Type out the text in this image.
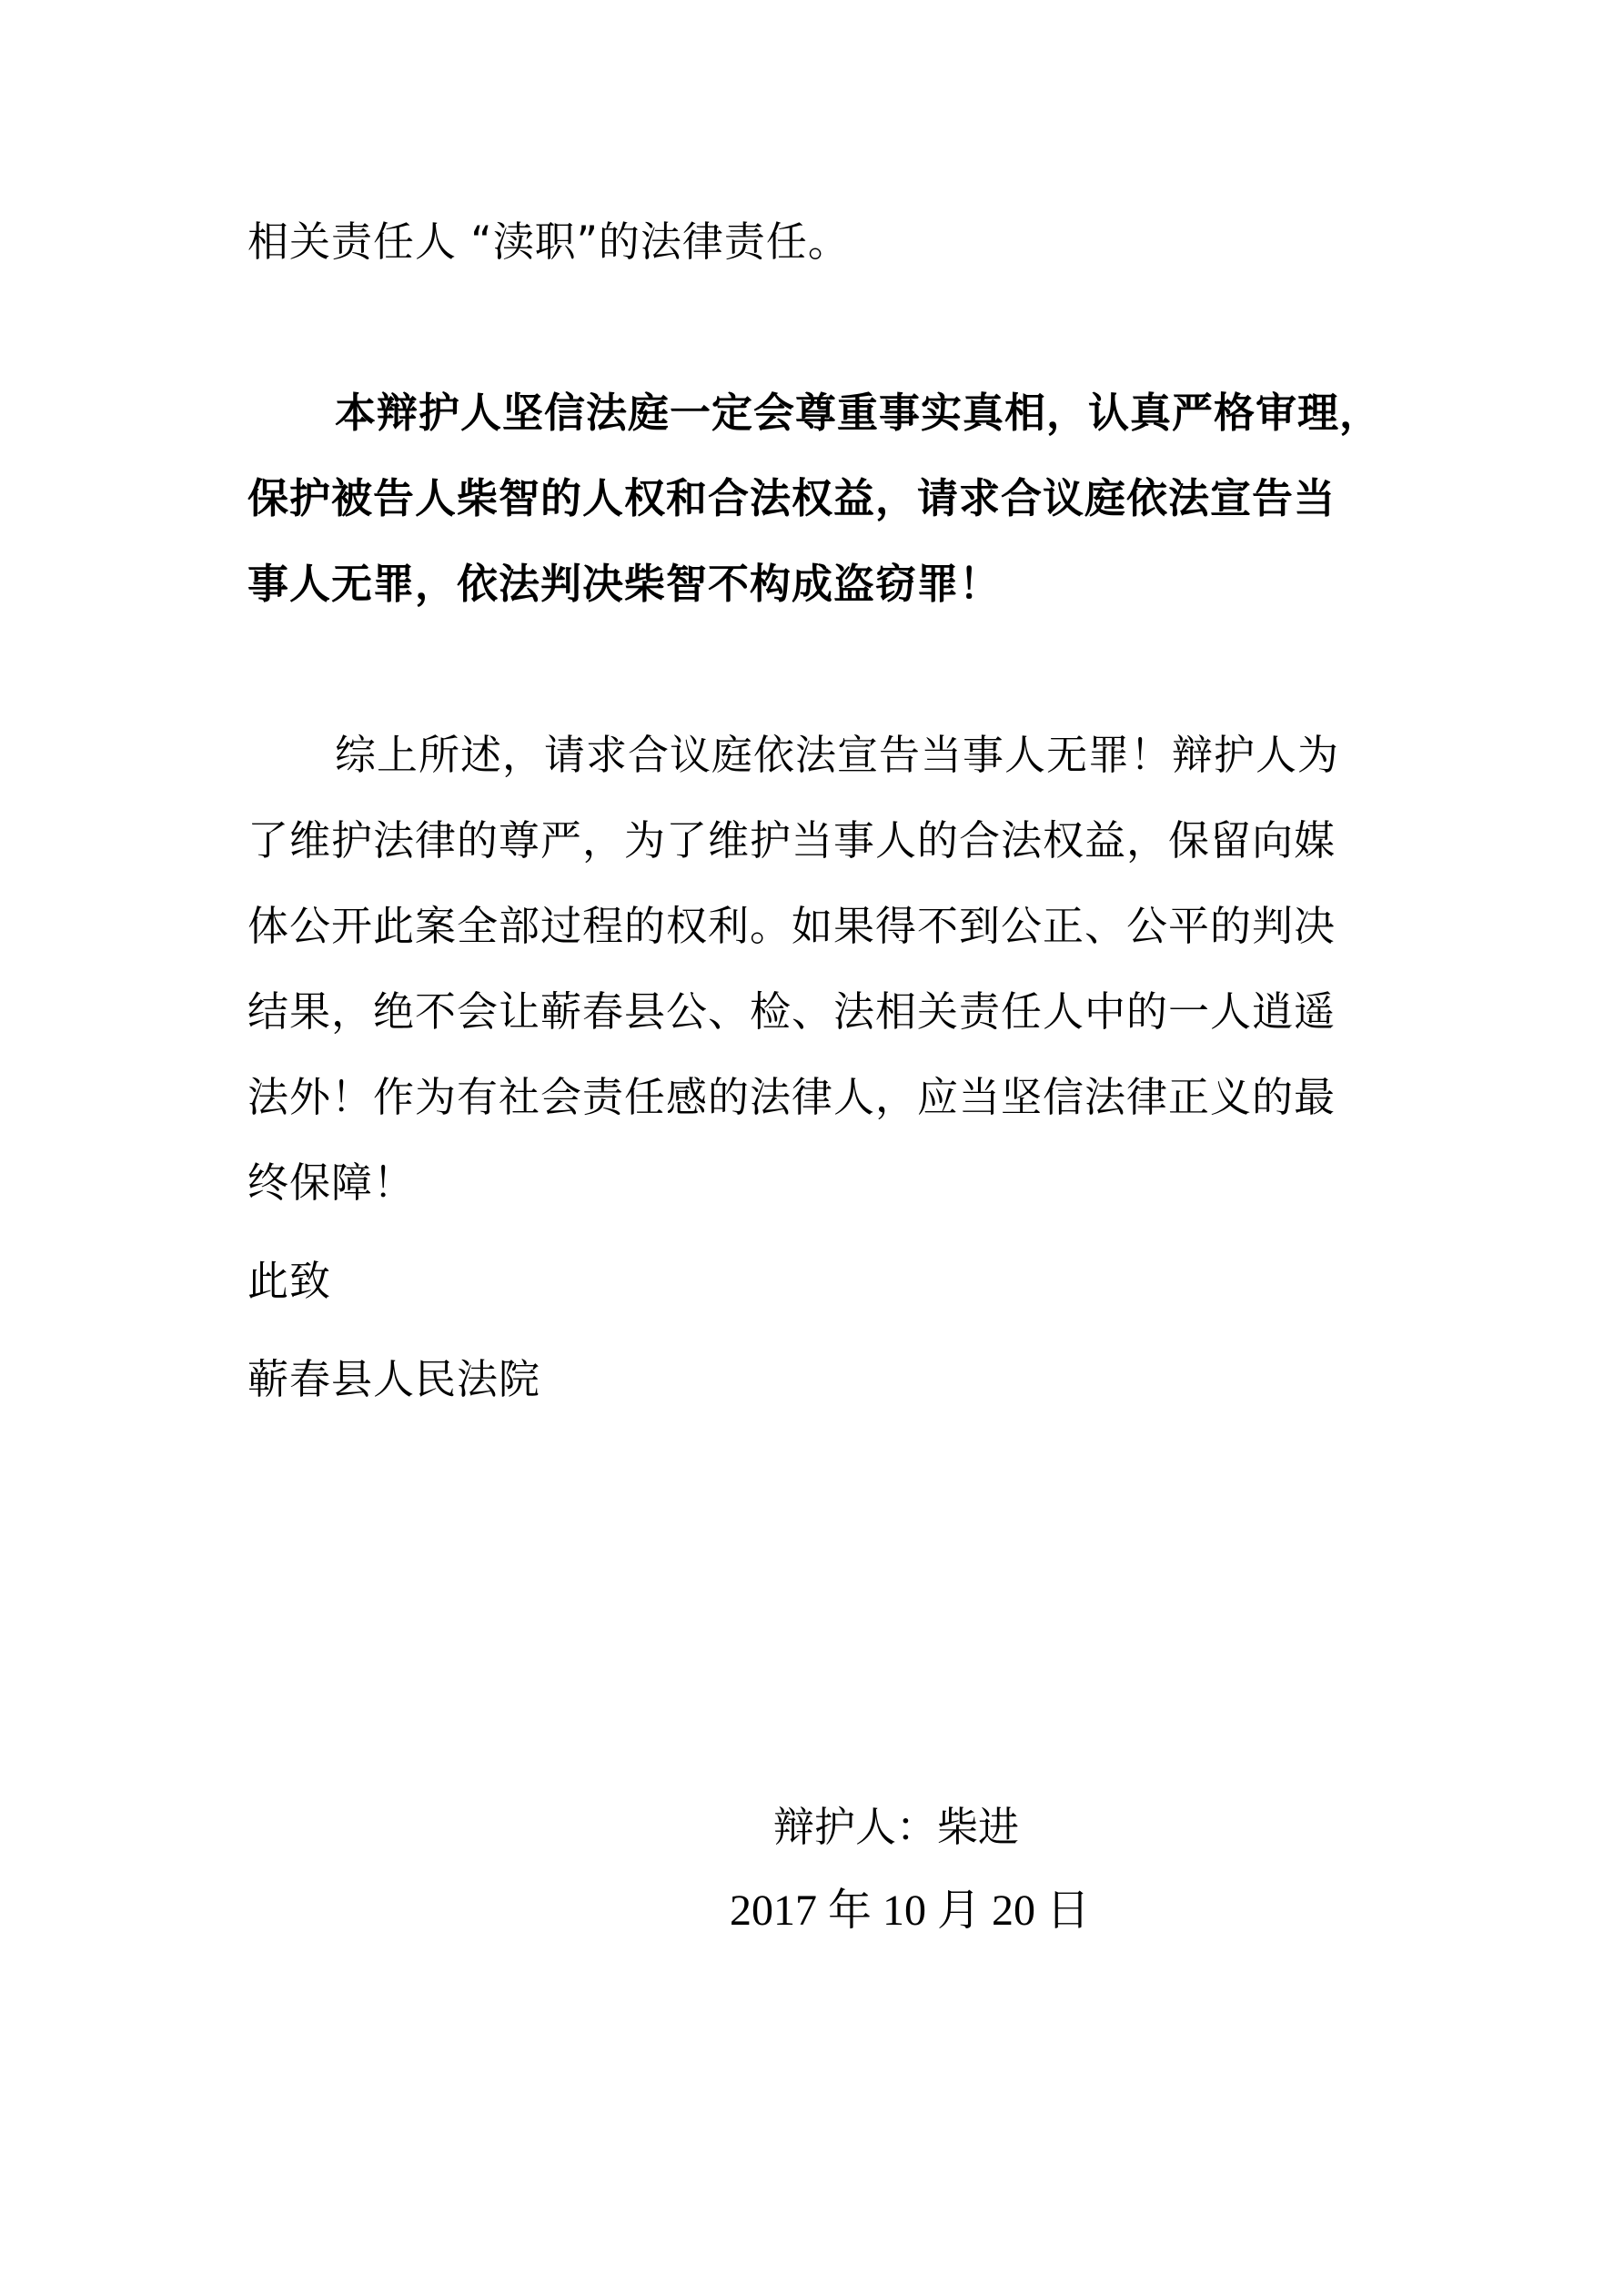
相关责任人 “渎职”的法律责任。

本辩护人坚信法庭一定会尊重事实真相，认真严格审理，

保护被告人柴智的人权和合法权益，请求合议庭依法宣告当

事人无罪，依法判决柴智不构成盗窃罪！

综上所述，请求合议庭依法宣告当事人无罪！辩护人为

了维护法律的尊严，为了维护当事人的合法权益，保留向媒

体公开此案全部过程的权利。如果得不到公正、公平的判决

结果，绝不会让蕲春县公、检、法相关责任人中的一人逍遥

法外！作为有社会责任感的法律人，应当坚信法律正义的最

终保障！

此致

蕲春县人民法院

辩护人：柴进

2017 年 10 月 20 日
